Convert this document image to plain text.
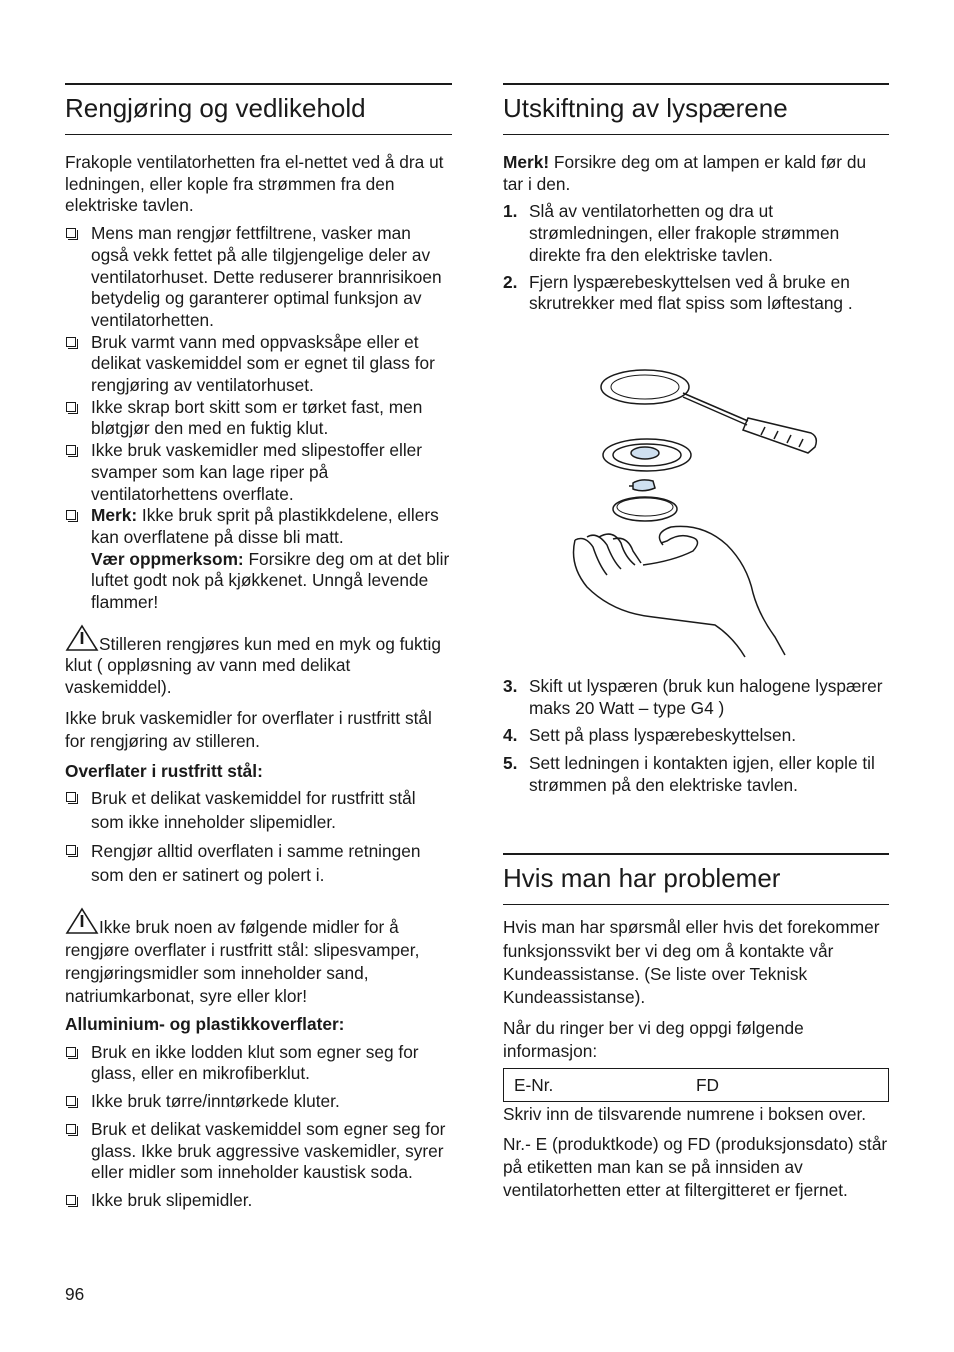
Rengjøring og vedlikehold

Frakople ventilatorhetten fra el-nettet ved å dra ut ledningen, eller kople fra strømmen fra den elektriske tavlen.

Mens man rengjør fettfiltrene, vasker man også vekk fettet på alle tilgjengelige deler av ventilatorhuset. Dette reduserer brannrisikoen betydelig og garanterer optimal funksjon av ventilatorhetten.
Bruk varmt vann med oppvasksåpe eller et delikat vaskemiddel som er egnet til glass for rengjøring av ventilatorhuset.
Ikke skrap bort skitt som er tørket fast, men bløtgjør den med en fuktig klut.
Ikke bruk vaskemidler med slipestoffer eller svamper som kan lage riper på ventilatorhettens overflate.
Merk: Ikke bruk sprit på plastikkdelene, ellers kan overflatene på disse bli matt.
Vær oppmerksom: Forsikre deg om at det blir luftet godt nok på kjøkkenet. Unngå levende flammer!

Stilleren rengjøres kun med en myk og fuktig klut ( oppløsning av vann med delikat vaskemiddel).

Ikke bruk vaskemidler for overflater i rustfritt stål for rengjøring av stilleren.

Overflater i rustfritt stål:

Bruk et delikat vaskemiddel for rustfritt stål som ikke inneholder slipemidler.
Rengjør alltid overflaten i samme retningen som den er satinert og polert i.

Ikke bruk noen av følgende midler for å rengjøre overflater i rustfritt stål: slipesvamper, rengjøringsmidler som inneholder sand, natriumkarbonat, syre eller klor!

Alluminium- og plastikkoverflater:

Bruk en ikke lodden klut som egner seg for glass, eller en mikrofiberklut.
Ikke bruk tørre/inntørkede kluter.
Bruk et delikat vaskemiddel som egner seg for glass. Ikke bruk aggressive vaskemidler, syrer eller midler som inneholder kaustisk soda.
Ikke bruk slipemidler.
Utskiftning av lyspærene

Merk! Forsikre deg om at lampen er kald før du tar i den.

1. Slå av ventilatorhetten og dra ut strømledningen, eller frakople strømmen direkte fra den elektriske tavlen.
2. Fjern lyspærebeskyttelsen ved å bruke en skrutrekker med flat spiss som løftestang .
3. Skift ut lyspæren (bruk kun halogene lyspærer maks 20 Watt – type G4 )
4. Sett på plass lyspærebeskyttelsen.
5. Sett ledningen i kontakten igjen, eller kople til strømmen på den elektriske tavlen.
Hvis man har problemer

Hvis man har spørsmål eller hvis det forekommer funksjonssvikt ber vi deg om å kontakte vår Kundeassistanse. (Se liste over Teknisk Kundeassistanse).

Når du ringer ber vi deg oppgi følgende informasjon:

E-Nr.	FD

Skriv inn de tilsvarende numrene i boksen over.

Nr.- E (produktkode) og FD (produksjonsdato) står på etiketten man kan se på innsiden av ventilatorhetten etter at filtergitteret er fjernet.

96
